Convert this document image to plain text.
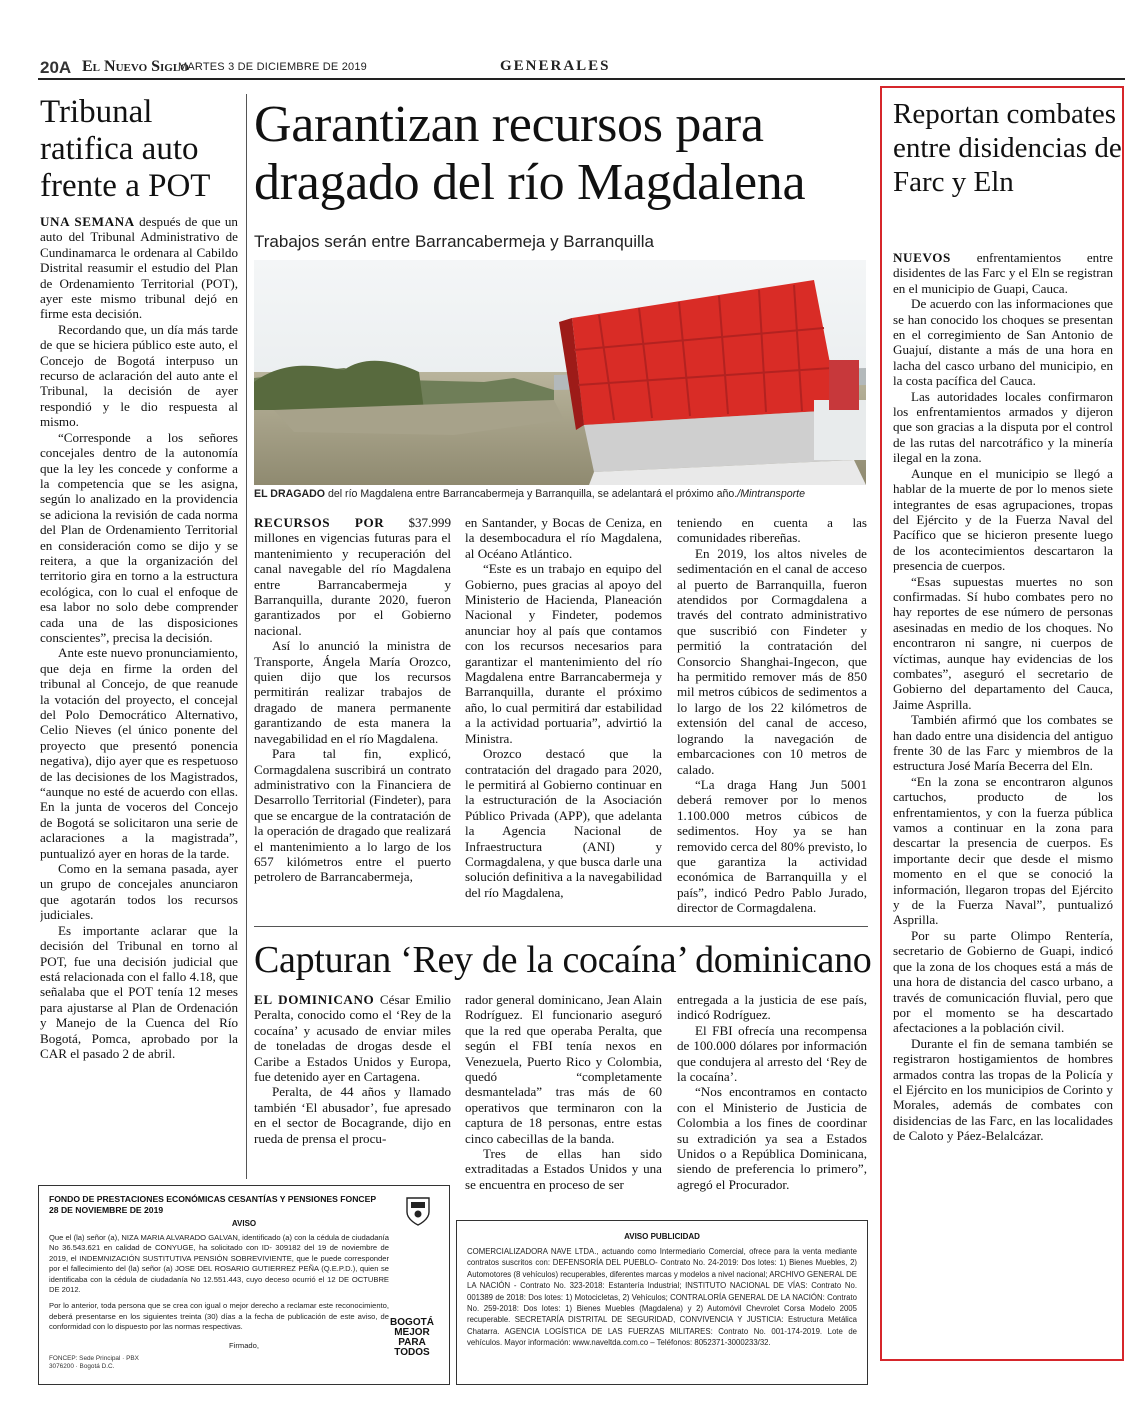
20A El Nuevo Siglo
MARTES 3 DE DICIEMBRE DE 2019	GENERALES
Tribunal ratifica auto frente a POT

UNA SEMANA después de que un auto del Tribunal Administrativo de Cundinamarca le ordenara al Cabildo Distrital reasumir el estudio del Plan de Ordenamiento Territorial (POT), ayer este mismo tribunal dejó en firme esta decisión.

Recordando que, un día más tarde de que se hiciera público este auto, el Concejo de Bogotá interpuso un recurso de aclaración del auto ante el Tribunal, la decisión de ayer respondió y le dio respuesta al mismo.

“Corresponde a los señores concejales dentro de la autonomía que la ley les concede y conforme a la competencia que se les asigna, según lo analizado en la providencia se adiciona la revisión de cada norma del Plan de Ordenamiento Territorial en consideración como se dijo y se reitera, a que la organización del territorio gira en torno a la estructura ecológica, con lo cual el enfoque de esa labor no solo debe comprender cada una de las disposiciones conscientes”, precisa la decisión.

Ante este nuevo pronunciamiento, que deja en firme la orden del tribunal al Concejo, de que reanude la votación del proyecto, el concejal del Polo Democrático Alternativo, Celio Nieves (el único ponente del proyecto que presentó ponencia negativa), dijo ayer que es respetuoso de las decisiones de los Magistrados, “aunque no esté de acuerdo con ellas. En la junta de voceros del Concejo de Bogotá se solicitaron una serie de aclaraciones a la magistrada”, puntualizó ayer en horas de la tarde.

Como en la semana pasada, ayer un grupo de concejales anunciaron que agotarán todos los recursos judiciales.

Es importante aclarar que la decisión del Tribunal en torno al POT, fue una decisión judicial que está relacionada con el fallo 4.18, que señalaba que el POT tenía 12 meses para ajustarse al Plan de Ordenación y Manejo de la Cuenca del Río Bogotá, Pomca, aprobado por la CAR el pasado 2 de abril.

Garantizan recursos para dragado del río Magdalena
Trabajos serán entre Barrancabermeja y Barranquilla
EL DRAGADO del río Magdalena entre Barrancabermeja y Barranquilla, se adelantará el próximo año./Mintransporte

RECURSOS POR $37.999 millones en vigencias futuras para el mantenimiento y recuperación del canal navegable del río Magdalena entre Barrancabermeja y Barranquilla, durante 2020, fueron garantizados por el Gobierno nacional.

Así lo anunció la ministra de Transporte, Ángela María Orozco, quien dijo que los recursos permitirán realizar trabajos de dragado de manera permanente garantizando de esta manera la navegabilidad en el río Magdalena.

Para tal fin, explicó, Cormagdalena suscribirá un contrato administrativo con la Financiera de Desarrollo Territorial (Findeter), para que se encargue de la contratación de la operación de dragado que realizará el mantenimiento a lo largo de los 657 kilómetros entre el puerto petrolero de Barrancabermeja,

en Santander, y Bocas de Ceniza, en la desembocadura el río Magdalena, al Océano Atlántico.

“Este es un trabajo en equipo del Gobierno, pues gracias al apoyo del Ministerio de Hacienda, Planeación Nacional y Findeter, podemos anunciar hoy al país que contamos con los recursos necesarios para garantizar el mantenimiento del río Magdalena entre Barrancabermeja y Barranquilla, durante el próximo año, lo cual permitirá dar estabilidad a la actividad portuaria”, advirtió la Ministra.

Orozco destacó que la contratación del dragado para 2020, le permitirá al Gobierno continuar en la estructuración de la Asociación Público Privada (APP), que adelanta la Agencia Nacional de Infraestructura (ANI) y Cormagdalena, y que busca darle una solución definitiva a la navegabilidad del río Magdalena,

teniendo en cuenta a las comunidades ribereñas.

En 2019, los altos niveles de sedimentación en el canal de acceso al puerto de Barranquilla, fueron atendidos por Cormagdalena a través del contrato administrativo que suscribió con Findeter y permitió la contratación del Consorcio Shanghai-Ingecon, que ha permitido remover más de 850 mil metros cúbicos de sedimentos a lo largo de los 22 kilómetros de extensión del canal de acceso, logrando la navegación de embarcaciones con 10 metros de calado.

“La draga Hang Jun 5001 deberá remover por lo menos 1.100.000 metros cúbicos de sedimentos. Hoy ya se han removido cerca del 80% previsto, lo que garantiza la actividad económica de Barranquilla y el país”, indicó Pedro Pablo Jurado, director de Cormagdalena.

Capturan ‘Rey de la cocaína’ dominicano

EL DOMINICANO César Emilio Peralta, conocido como el ‘Rey de la cocaína’ y acusado de enviar miles de toneladas de drogas desde el Caribe a Estados Unidos y Europa, fue detenido ayer en Cartagena.

Peralta, de 44 años y llamado también ‘El abusador’, fue apresado en el sector de Bocagrande, dijo en rueda de prensa el procu-

rador general dominicano, Jean Alain Rodríguez. El funcionario aseguró que la red que operaba Peralta, que según el FBI tenía nexos en Venezuela, Puerto Rico y Colombia, quedó “completamente desmantelada” tras más de 60 operativos que terminaron con la captura de 18 personas, entre estas cinco cabecillas de la banda.

Tres de ellas han sido extraditadas a Estados Unidos y una se encuentra en proceso de ser

entregada a la justicia de ese país, indicó Rodríguez.

El FBI ofrecía una recompensa de 100.000 dólares por información que condujera al arresto del ‘Rey de la cocaína’.

“Nos encontramos en contacto con el Ministerio de Justicia de Colombia a los fines de coordinar su extradición ya sea a Estados Unidos o a República Dominicana, siendo de preferencia lo primero”, agregó el Procurador.

Reportan combates entre disidencias de Farc y Eln

NUEVOS enfrentamientos entre disidentes de las Farc y el Eln se registran en el municipio de Guapi, Cauca.

De acuerdo con las informaciones que se han conocido los choques se presentan en el corregimiento de San Antonio de Guajuí, distante a más de una hora en lacha del casco urbano del municipio, en la costa pacífica del Cauca.

Las autoridades locales confirmaron los enfrentamientos armados y dijeron que son gracias a la disputa por el control de las rutas del narcotráfico y la minería ilegal en la zona.

Aunque en el municipio se llegó a hablar de la muerte de por lo menos siete integrantes de esas agrupaciones, tropas del Ejército y de la Fuerza Naval del Pacífico que se hicieron presente luego de los acontecimientos descartaron la presencia de cuerpos.

“Esas supuestas muertes no son confirmadas. Sí hubo combates pero no hay reportes de ese número de personas asesinadas en medio de los choques. No encontraron ni sangre, ni cuerpos de víctimas, aunque hay evidencias de los combates”, aseguró el secretario de Gobierno del departamento del Cauca, Jaime Asprilla.

También afirmó que los combates se han dado entre una disidencia del antiguo frente 30 de las Farc y miembros de la estructura José María Becerra del Eln.

“En la zona se encontraron algunos cartuchos, producto de los enfrentamientos, y con la fuerza pública vamos a continuar en la zona para descartar la presencia de cuerpos. Es importante decir que desde el mismo momento en el que se conoció la información, llegaron tropas del Ejército y de la Fuerza Naval”, puntualizó Asprilla.

Por su parte Olimpo Rentería, secretario de Gobierno de Guapi, indicó que la zona de los choques está a más de una hora de distancia del casco urbano, a través de comunicación fluvial, pero que por el momento se ha descartado afectaciones a la población civil.

Durante el fin de semana también se registraron hostigamientos de hombres armados contra las tropas de la Policía y el Ejército en los municipios de Corinto y Morales, además de combates con disidencias de las Farc, en las localidades de Caloto y Páez-Belalcázar.

FONDO DE PRESTACIONES ECONÓMICAS CESANTÍAS Y PENSIONES FONCEP
28 DE NOVIEMBRE DE 2019
AVISO
Que el (la) señor (a), NIZA MARIA ALVARADO GALVAN, identificado (a) con la cédula de ciudadanía No 36.543.621 en calidad de CONYUGE, ha solicitado con ID- 309182 del 19 de noviembre de 2019, el INDEMNIZACIÓN SUSTITUTIVA PENSIÓN SOBREVIVIENTE, que le puede corresponder por el fallecimiento del (la) señor (a) JOSE DEL ROSARIO GUTIERREZ PEÑA (Q.E.P.D.), quien se identificaba con la cédula de ciudadanía No 12.551.443, cuyo deceso ocurrió el 12 DE OCTUBRE DE 2012.
Por lo anterior, toda persona que se crea con igual o mejor derecho a reclamar este reconocimiento, deberá presentarse en los siguientes treinta (30) días a la fecha de publicación de este aviso, de conformidad con lo dispuesto por las normas respectivas.
Firmado,
FONCEP: Sede Principal · PBX 3076200 · Bogotá D.C.
BOGOTÁ MEJOR PARA TODOS
AVISO PUBLICIDAD
COMERCIALIZADORA NAVE LTDA., actuando como Intermediario Comercial, ofrece para la venta mediante contratos suscritos con: DEFENSORÍA DEL PUEBLO- Contrato No. 24-2019: Dos lotes: 1) Bienes Muebles, 2) Automotores (8 vehículos) recuperables, diferentes marcas y modelos a nivel nacional; ARCHIVO GENERAL DE LA NACIÓN - Contrato No. 323-2018: Estantería Industrial; INSTITUTO NACIONAL DE VÍAS: Contrato No. 001389 de 2018: Dos lotes: 1) Motocicletas, 2) Vehículos; CONTRALORÍA GENERAL DE LA NACIÓN: Contrato No. 259-2018: Dos lotes: 1) Bienes Muebles (Magdalena) y 2) Automóvil Chevrolet Corsa Modelo 2005 recuperable. SECRETARÍA DISTRITAL DE SEGURIDAD, CONVIVENCIA Y JUSTICIA: Estructura Metálica Chatarra. AGENCIA LOGÍSTICA DE LAS FUERZAS MILITARES: Contrato No. 001-174-2019. Lote de vehículos. Mayor información: www.naveltda.com.co – Teléfonos: 8052371-3000233/32.
